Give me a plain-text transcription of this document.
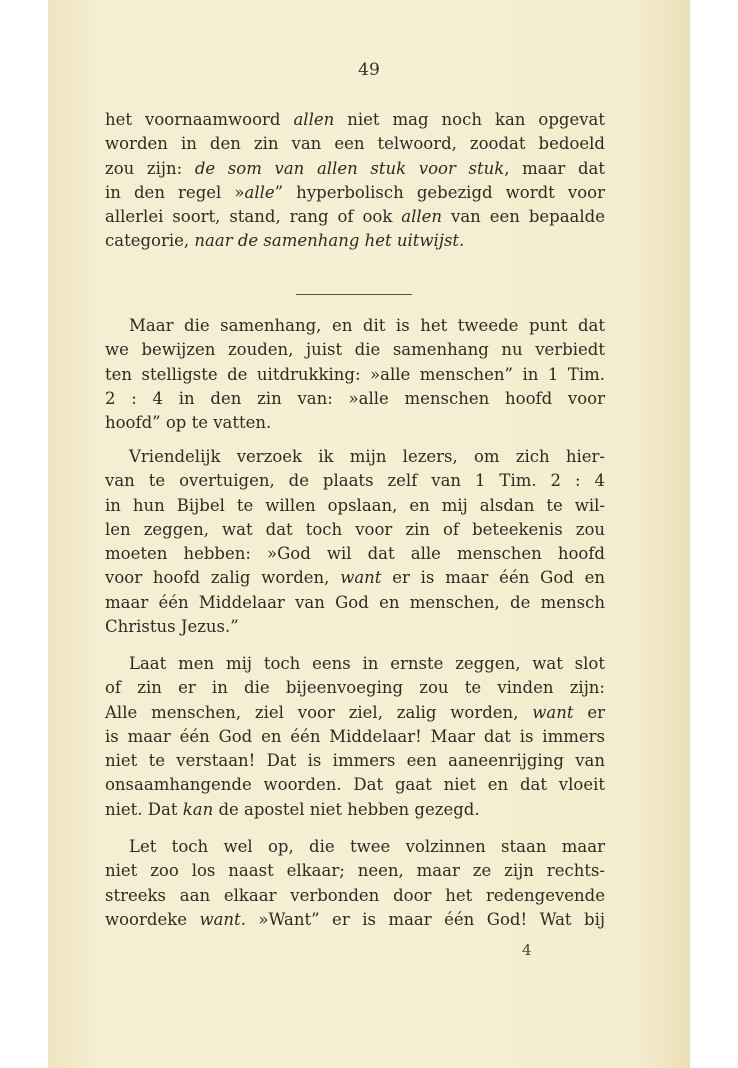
49
het voornaamwoord allen niet mag noch kan opgevat
worden in den zin van een telwoord, zoodat bedoeld
zou zijn: de som van allen stuk voor stuk, maar dat
in den regel »alle” hyperbolisch gebezigd wordt voor
allerlei soort, stand, rang of ook allen van een bepaalde
categorie, naar de samenhang het uitwijst.
Maar die samenhang, en dit is het tweede punt dat
we bewijzen zouden, juist die samenhang nu verbiedt
ten stelligste de uitdrukking: »alle menschen” in 1 Tim.
2 : 4 in den zin van: »alle menschen hoofd voor
hoofd” op te vatten.
Vriendelijk verzoek ik mijn lezers, om zich hier-
van te overtuigen, de plaats zelf van 1 Tim. 2 : 4
in hun Bijbel te willen opslaan, en mij alsdan te wil-
len zeggen, wat dat toch voor zin of beteekenis zou
moeten hebben: »God wil dat alle menschen hoofd
voor hoofd zalig worden, want er is maar één God en
maar één Middelaar van God en menschen, de mensch
Christus Jezus.”
Laat men mij toch eens in ernste zeggen, wat slot
of zin er in die bijeenvoeging zou te vinden zijn:
Alle menschen, ziel voor ziel, zalig worden, want er
is maar één God en één Middelaar! Maar dat is immers
niet te verstaan! Dat is immers een aaneenrijging van
onsaamhangende woorden. Dat gaat niet en dat vloeit
niet. Dat kan de apostel niet hebben gezegd.
Let toch wel op, die twee volzinnen staan maar
niet zoo los naast elkaar; neen, maar ze zijn rechts-
streeks aan elkaar verbonden door het redengevende
woordeke want. »Want” er is maar één God! Wat bij
4
